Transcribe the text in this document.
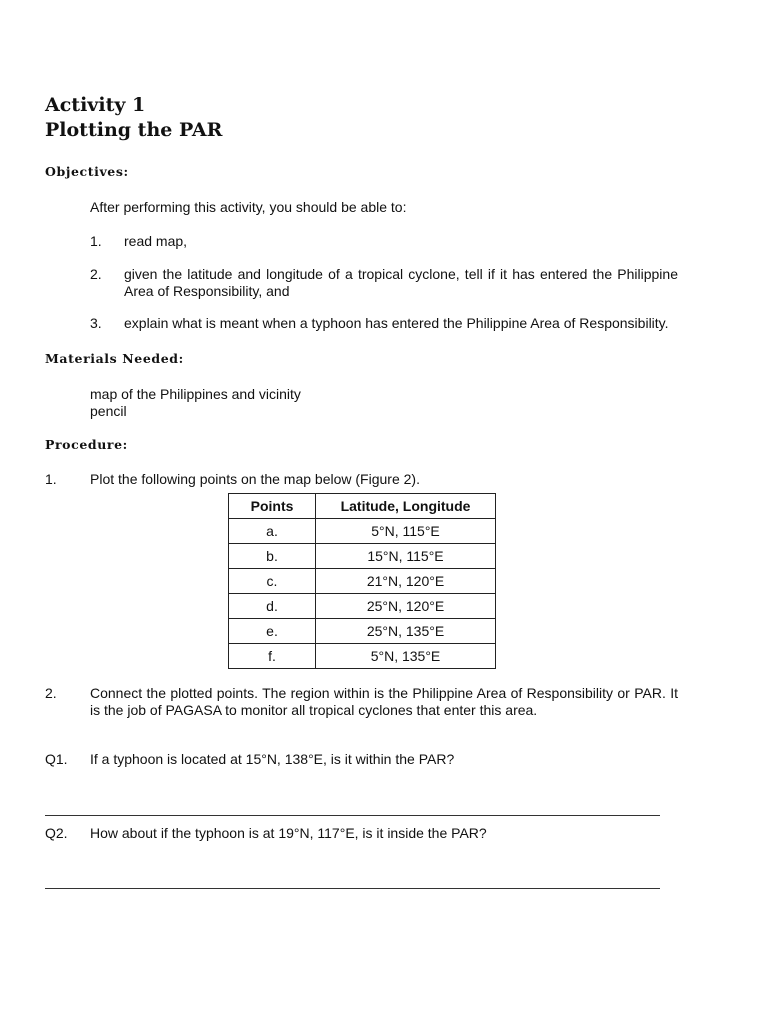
Activity 1
Plotting the PAR
Objectives:
After performing this activity, you should be able to:
1. read map,
2. given the latitude and longitude of a tropical cyclone, tell if it has entered the Philippine Area of Responsibility, and
3. explain what is meant when a typhoon has entered the Philippine Area of Responsibility.
Materials Needed:
map of the Philippines and vicinity
pencil
Procedure:
1. Plot the following points on the map below (Figure 2).
Points	Latitude, Longitude
a.	5°N, 115°E
b.	15°N, 115°E
c.	21°N, 120°E
d.	25°N, 120°E
e.	25°N, 135°E
f.	5°N, 135°E
2. Connect the plotted points. The region within is the Philippine Area of Responsibility or PAR. It is the job of PAGASA to monitor all tropical cyclones that enter this area.
Q1. If a typhoon is located at 15°N, 138°E, is it within the PAR?
Q2. How about if the typhoon is at 19°N, 117°E, is it inside the PAR?
